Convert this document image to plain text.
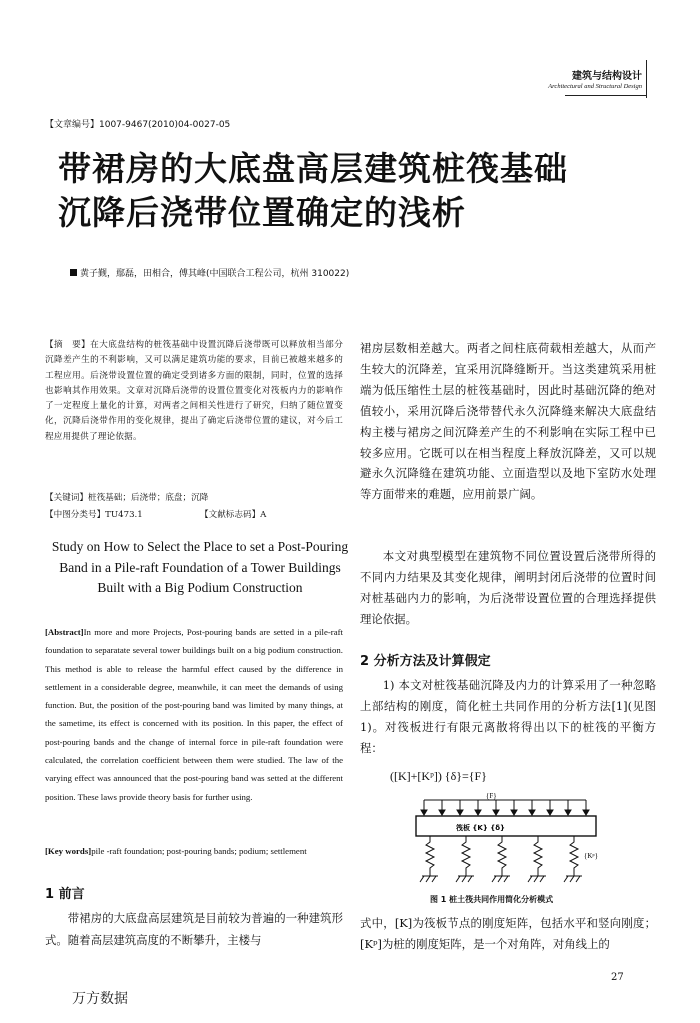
建筑与结构设计
Architectural and Structural Design
【文章编号】1007-9467(2010)04-0027-05
带裙房的大底盘高层建筑桩筏基础
沉降后浇带位置确定的浅析
黄子觐，鄢磊，田相合，傅其峰(中国联合工程公司，杭州 310022)
【摘　要】在大底盘结构的桩筏基础中设置沉降后浇带既可以释放相当部分沉降差产生的不利影响，又可以满足建筑功能的要求，目前已被越来越多的工程应用。后浇带设置位置的确定受到诸多方面的限制，同时，位置的选择也影响其作用效果。文章对沉降后浇带的设置位置变化对筏板内力的影响作了一定程度上量化的计算，对两者之间相关性进行了研究，归纳了随位置变化，沉降后浇带作用的变化规律，提出了确定后浇带位置的建议，对今后工程应用提供了理论依据。
【关键词】桩筏基础；后浇带；底盘；沉降
【中图分类号】TU473.1	【文献标志码】A
Study on How to Select the Place to set a Post-Pouring Band in a Pile-raft Foundation of a Tower Buildings Built with a Big Podium Construction
[Abstract]In more and more Projects, Post-pouring bands are setted in a pile-raft foundation to separatate several tower buildings built on a big podium construction. This method is able to release the harmful effect caused by the difference in settlement in a considerable degree, meanwhile, it can meet the demands of using function. But, the position of the post-pouring band was limited by many things, at the sametime, its effect is concerned with its position. In this paper, the effect of post-pouring bands and the change of internal force in pile-raft foundation were calculated, the correlation coefficient between them were studied. The law of the varying effect was announced that the post-pouring band was setted at the different position. These laws provide theory basis for further using.
[Key words]pile -raft foundation; post-pouring bands; podium; settlement
1 前言
带裙房的大底盘高层建筑是目前较为普遍的一种建筑形式。随着高层建筑高度的不断攀升，主楼与
裙房层数相差越大。两者之间柱底荷载相差越大，从而产生较大的沉降差，宜采用沉降缝断开。当这类建筑采用桩端为低压缩性土层的桩筏基础时，因此时基础沉降的绝对值较小，采用沉降后浇带替代永久沉降缝来解决大底盘结构主楼与裙房之间沉降差产生的不利影响在实际工程中已较多应用。它既可以在相当程度上释放沉降差，又可以规避永久沉降缝在建筑功能、立面造型以及地下室防水处理等方面带来的难题，应用前景广阔。
本文对典型模型在建筑物不同位置设置后浇带所得的不同内力结果及其变化规律，阐明封闭后浇带的位置时间对桩基础内力的影响，为后浇带设置位置的合理选择提供理论依据。
2 分析方法及计算假定
1) 本文对桩筏基础沉降及内力的计算采用了一种忽略上部结构的刚度，简化桩土共同作用的分析方法[1](见图 1)。对筏板进行有限元离散将得出以下的桩筏的平衡方程：
([K]+[Kᵖ]) {δ}={F}
{F}
筏板 {K} {δ}
{Kᵖ}
图 1 桩土筏共同作用简化分析模式
式中，[K]为筏板节点的刚度矩阵，包括水平和竖向刚度；[Kᵖ]为桩的刚度矩阵，是一个对角阵，对角线上的
27
万方数据
